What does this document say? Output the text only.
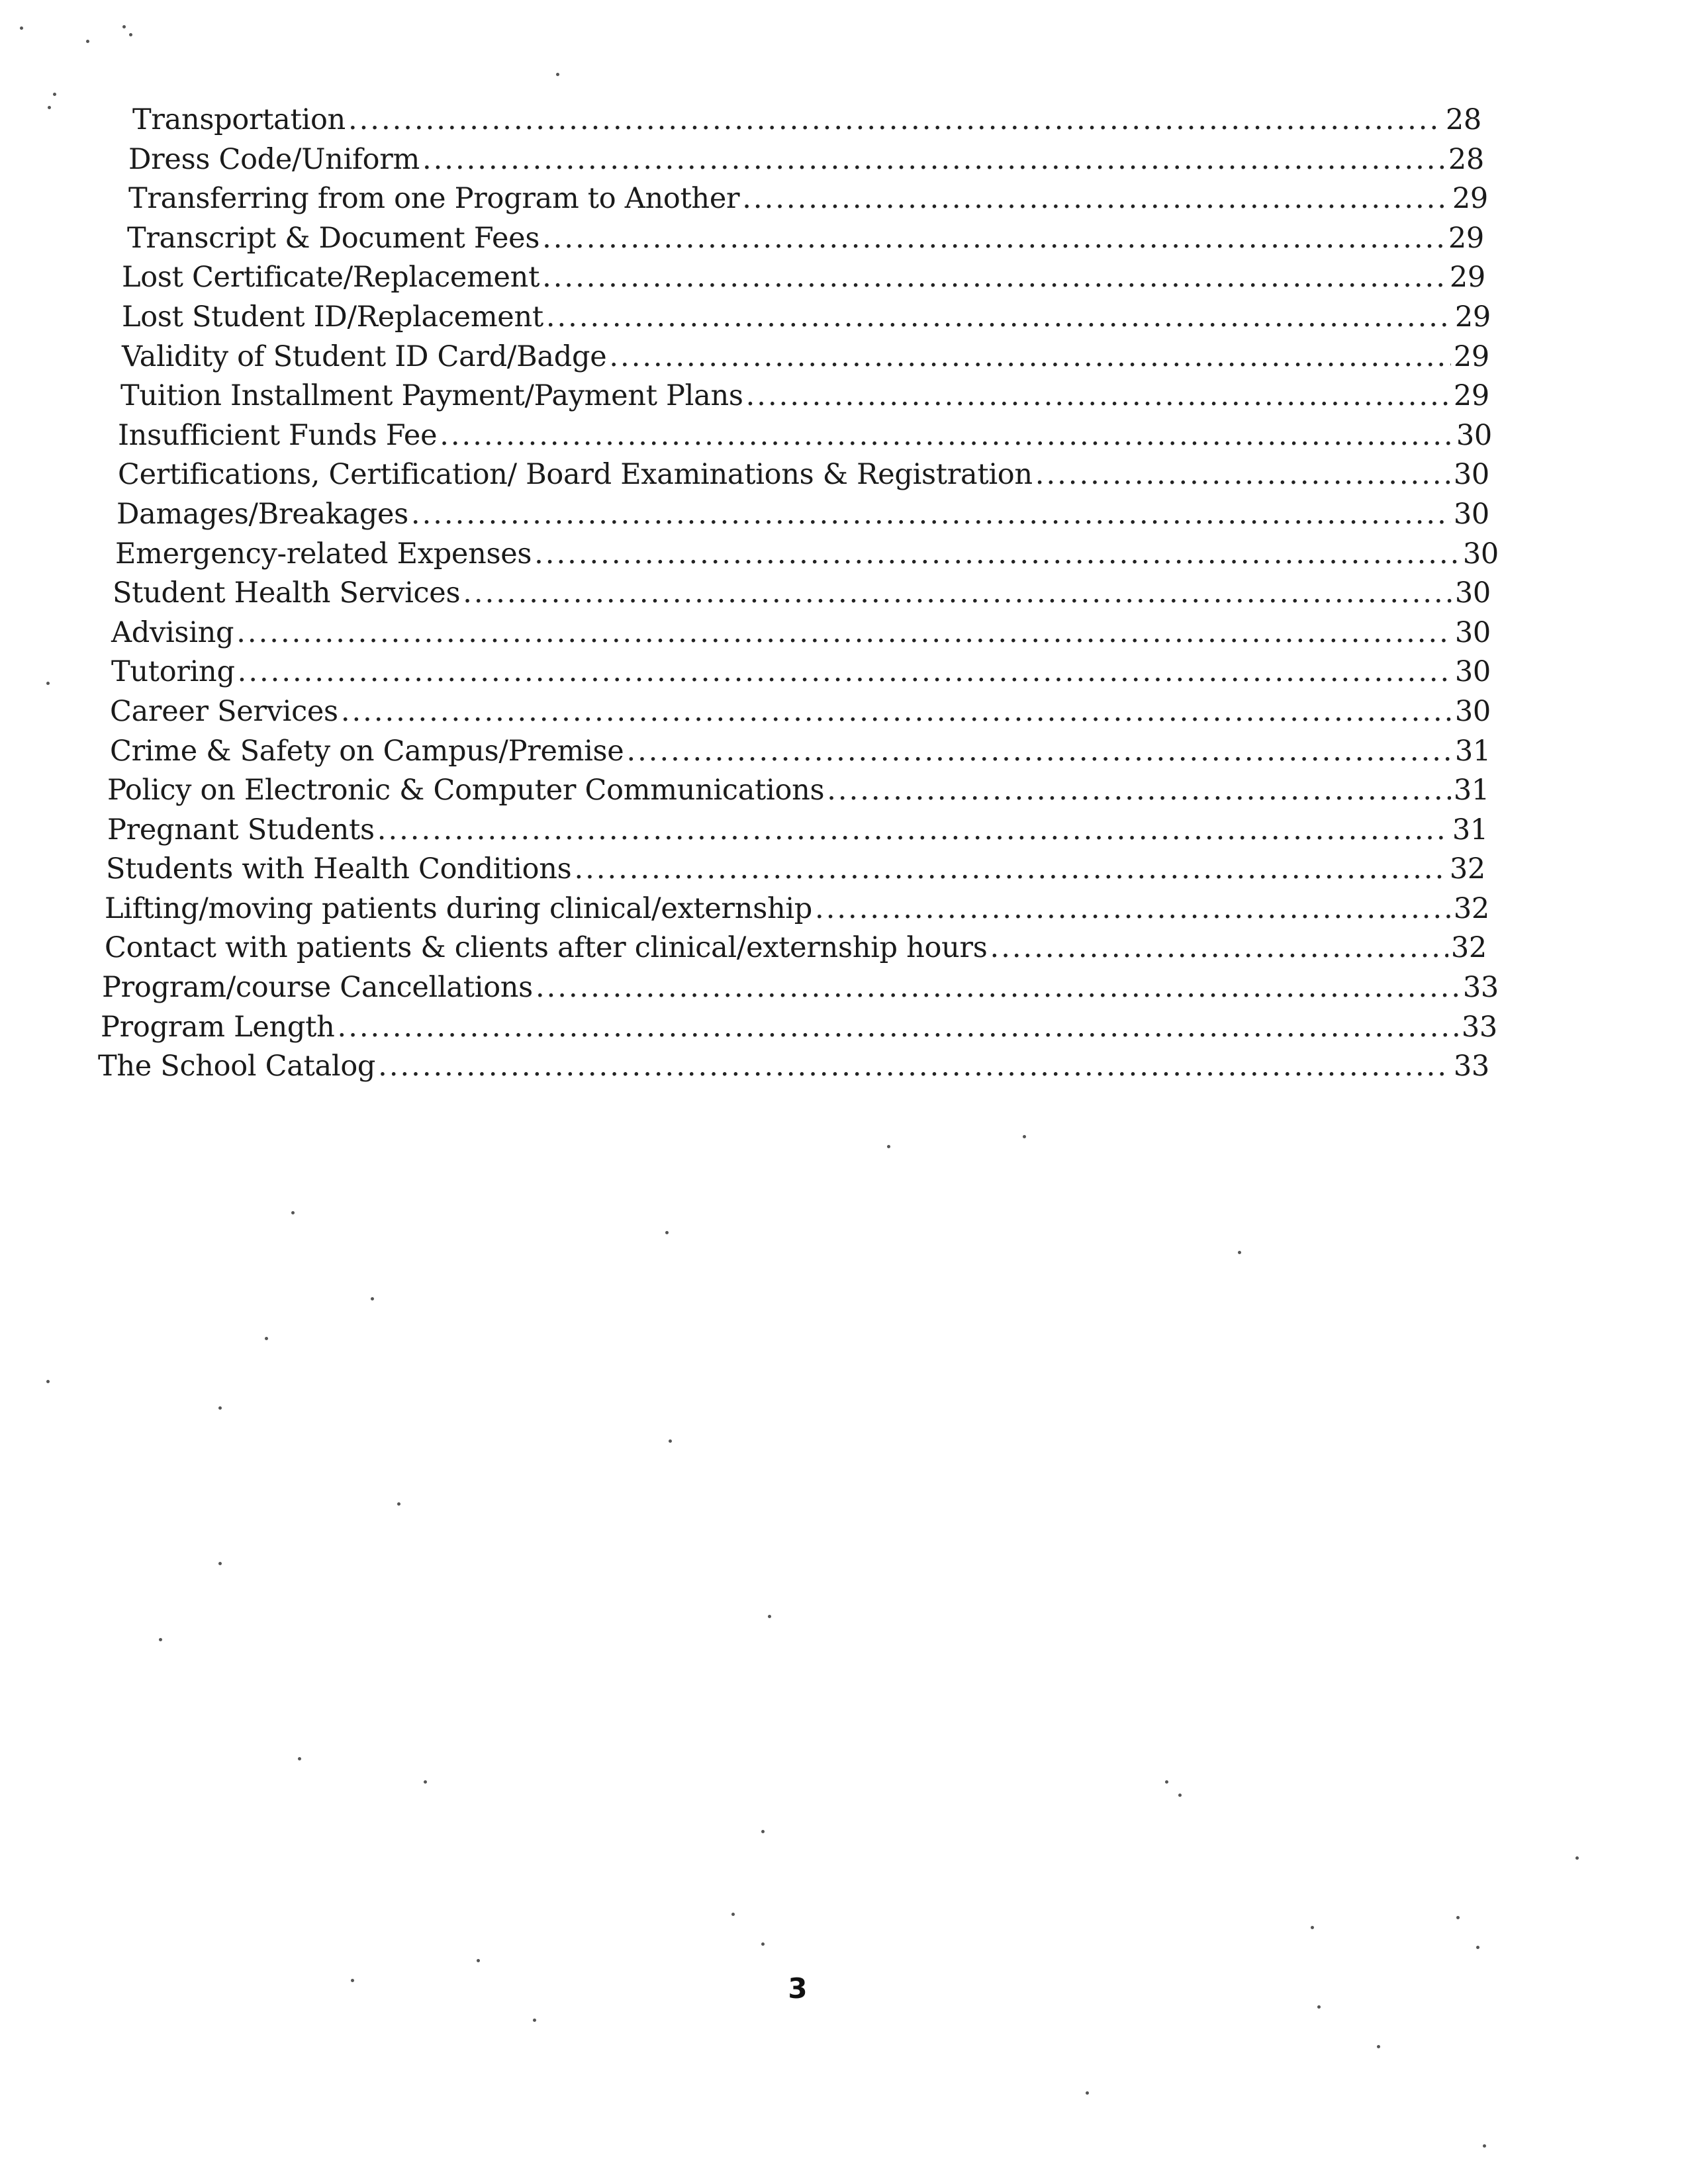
Transportation .....	28
Dress Code/Uniform .....	28
Transferring from one Program to Another .....	29
Transcript & Document Fees .....	29
Lost Certificate/Replacement .....	29
Lost Student ID/Replacement .....	29
Validity of Student ID Card/Badge .....	29
Tuition Installment Payment/Payment Plans .....	29
Insufficient Funds Fee .....	30
Certifications, Certification/ Board Examinations & Registration .....	30
Damages/Breakages .....	30
Emergency-related Expenses .....	30
Student Health Services .....	30
Advising .....	30
Tutoring .....	30
Career Services .....	30
Crime & Safety on Campus/Premise .....	31
Policy on Electronic & Computer Communications .....	31
Pregnant Students .....	31
Students with Health Conditions .....	32
Lifting/moving patients during clinical/externship .....	32
Contact with patients & clients after clinical/externship hours .....	32
Program/course Cancellations .....	33
Program Length .....	33
The School Catalog .....	33
3
